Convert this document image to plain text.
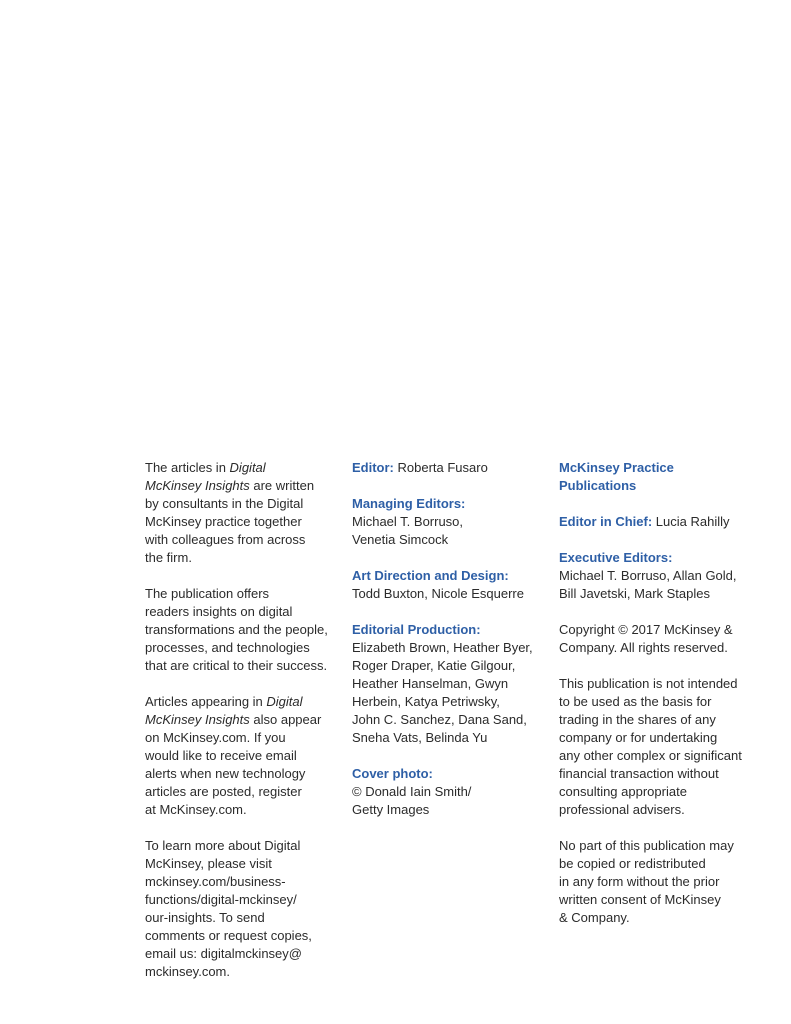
The articles in Digital
McKinsey Insights are written
by consultants in the Digital
McKinsey practice together
with colleagues from across
the firm.

The publication offers
readers insights on digital
transformations and the people,
processes, and technologies
that are critical to their success.

Articles appearing in Digital
McKinsey Insights also appear
on McKinsey.com. If you
would like to receive email
alerts when new technology
articles are posted, register
at McKinsey.com.

To learn more about Digital
McKinsey, please visit
mckinsey.com/business-
functions/digital-mckinsey/
our-insights. To send
comments or request copies,
email us: digitalmckinsey@
mckinsey.com.

Editor: Roberta Fusaro

Managing Editors:
Michael T. Borruso,
Venetia Simcock

Art Direction and Design:
Todd Buxton, Nicole Esquerre

Editorial Production:
Elizabeth Brown, Heather Byer,
Roger Draper, Katie Gilgour,
Heather Hanselman, Gwyn
Herbein, Katya Petriwsky,
John C. Sanchez, Dana Sand,
Sneha Vats, Belinda Yu

Cover photo:
© Donald Iain Smith/
Getty Images

McKinsey Practice
Publications

Editor in Chief: Lucia Rahilly

Executive Editors:
Michael T. Borruso, Allan Gold,
Bill Javetski, Mark Staples

Copyright © 2017 McKinsey &
Company. All rights reserved.

This publication is not intended
to be used as the basis for
trading in the shares of any
company or for undertaking
any other complex or significant
financial transaction without
consulting appropriate
professional advisers.

No part of this publication may
be copied or redistributed
in any form without the prior
written consent of McKinsey
& Company.
